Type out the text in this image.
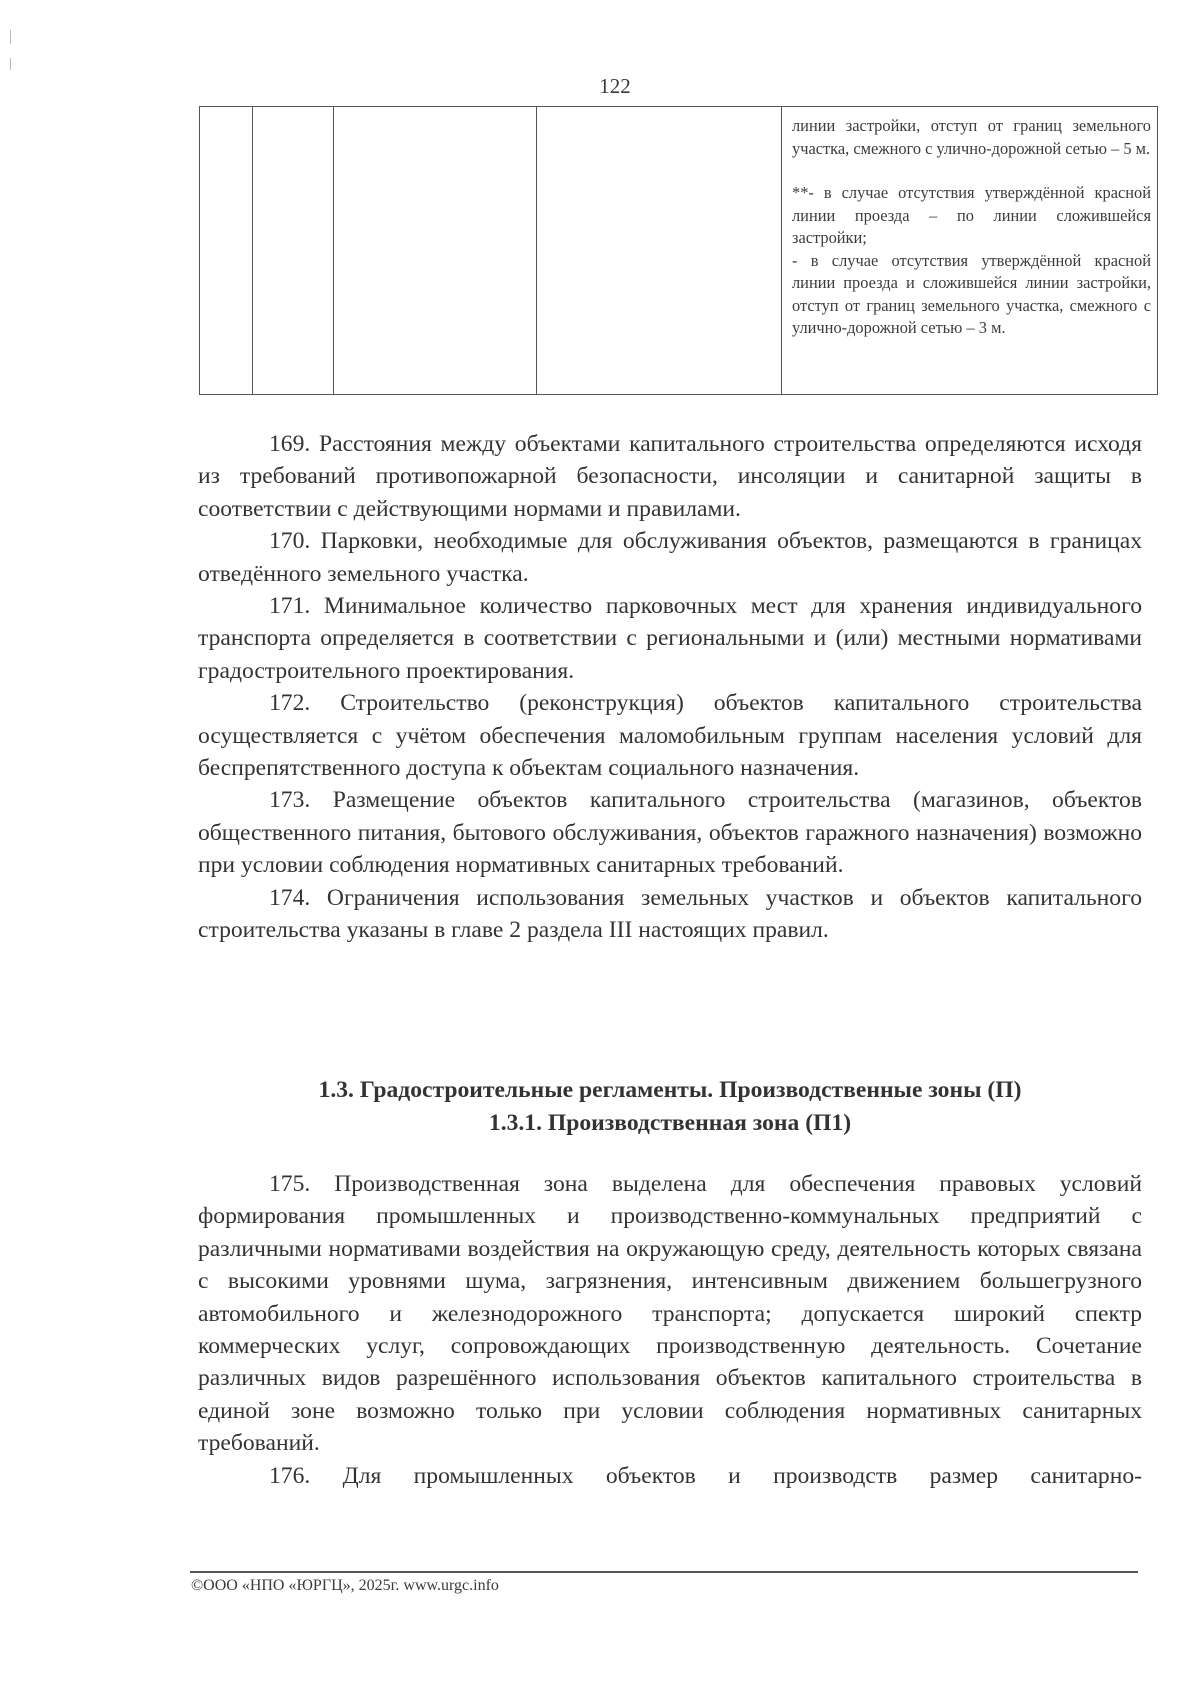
122

линии застройки, отступ от границ земельного участка, смежного с улично-дорожной сетью – 5 м.

**- в случае отсутствия утверждённой красной линии проезда – по линии сложившейся застройки;
- в случае отсутствия утверждённой красной линии проезда и сложившейся линии застройки, отступ от границ земельного участка, смежного с улично-дорожной сетью – 3 м.

169. Расстояния между объектами капитального строительства определяются исходя из требований противопожарной безопасности, инсоляции и санитарной защиты в соответствии с действующими нормами и правилами.

170. Парковки, необходимые для обслуживания объектов, размещаются в границах отведённого земельного участка.

171. Минимальное количество парковочных мест для хранения индивидуального транспорта определяется в соответствии с региональными и (или) местными нормативами градостроительного проектирования.

172. Строительство (реконструкция) объектов капитального строительства осуществляется с учётом обеспечения маломобильным группам населения условий для беспрепятственного доступа к объектам социального назначения.

173. Размещение объектов капитального строительства (магазинов, объектов общественного питания, бытового обслуживания, объектов гаражного назначения) возможно при условии соблюдения нормативных санитарных требований.

174. Ограничения использования земельных участков и объектов капитального строительства указаны в главе 2 раздела III настоящих правил.

1.3. Градостроительные регламенты. Производственные зоны (П)
1.3.1. Производственная зона (П1)

175. Производственная зона выделена для обеспечения правовых условий формирования промышленных и производственно-коммунальных предприятий с различными нормативами воздействия на окружающую среду, деятельность которых связана с высокими уровнями шума, загрязнения, интенсивным движением большегрузного автомобильного и железнодорожного транспорта; допускается широкий спектр коммерческих услуг, сопровождающих производственную деятельность. Сочетание различных видов разрешённого использования объектов капитального строительства в единой зоне возможно только при условии соблюдения нормативных санитарных требований.

176. Для промышленных объектов и производств размер санитарно-

©ООО «НПО «ЮРГЦ», 2025г. www.urgc.info
